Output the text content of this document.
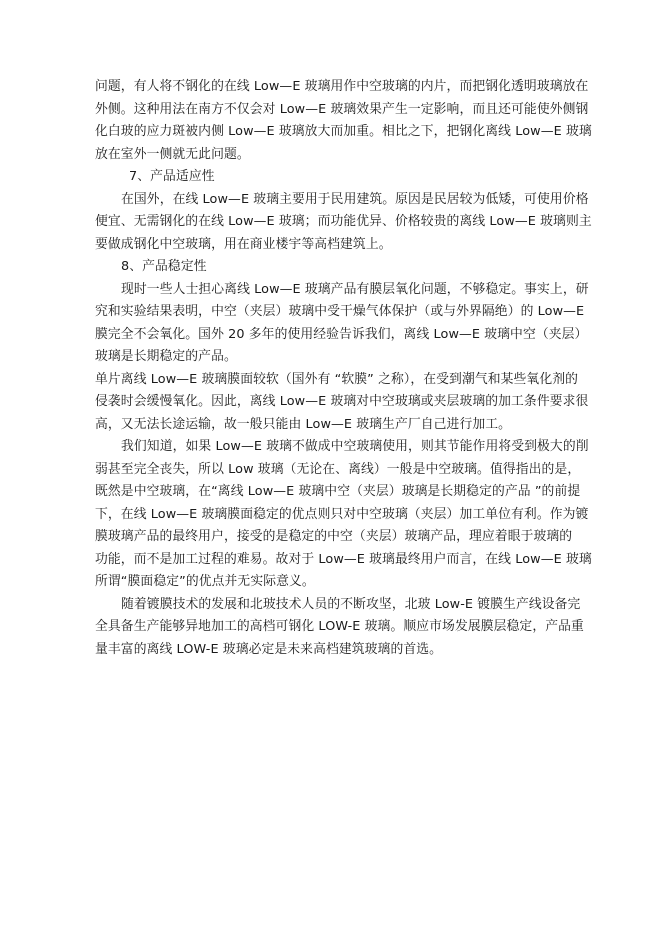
问题，有人将不钢化的在线 Low—E 玻璃用作中空玻璃的内片，而把钢化透明玻璃放在
外侧。这种用法在南方不仅会对 Low—E 玻璃效果产生一定影响，而且还可能使外侧钢
化白玻的应力斑被内侧 Low—E 玻璃放大而加重。相比之下，把钢化离线 Low—E 玻璃
放在室外一侧就无此问题。
7、产品适应性
在国外，在线 Low—E 玻璃主要用于民用建筑。原因是民居较为低矮，可使用价格
便宜、无需钢化的在线 Low—E 玻璃；而功能优异、价格较贵的离线 Low—E 玻璃则主
要做成钢化中空玻璃，用在商业楼宇等高档建筑上。
8、产品稳定性
现时一些人士担心离线 Low—E 玻璃产品有膜层氧化问题，不够稳定。事实上，研
究和实验结果表明，中空（夹层）玻璃中受干燥气体保护（或与外界隔绝）的 Low—E
膜完全不会氧化。国外 20 多年的使用经验告诉我们，离线 Low—E 玻璃中空（夹层）
玻璃是长期稳定的产品。
单片离线 Low—E 玻璃膜面较软（国外有 “软膜” 之称），在受到潮气和某些氧化剂的
侵袭时会缓慢氧化。因此，离线 Low—E 玻璃对中空玻璃或夹层玻璃的加工条件要求很
高，又无法长途运输，故一般只能由 Low—E 玻璃生产厂自己进行加工。
我们知道，如果 Low—E 玻璃不做成中空玻璃使用，则其节能作用将受到极大的削
弱甚至完全丧失，所以 Low 玻璃（无论在、离线）一般是中空玻璃。值得指出的是，
既然是中空玻璃，在“离线 Low—E 玻璃中空（夹层）玻璃是长期稳定的产品 ”的前提
下，在线 Low—E 玻璃膜面稳定的优点则只对中空玻璃（夹层）加工单位有利。作为镀
膜玻璃产品的最终用户，接受的是稳定的中空（夹层）玻璃产品，理应着眼于玻璃的
功能，而不是加工过程的难易。故对于 Low—E 玻璃最终用户而言，在线 Low—E 玻璃
所谓“膜面稳定”的优点并无实际意义。
随着镀膜技术的发展和北玻技术人员的不断攻坚，北玻 Low-E 镀膜生产线设备完
全具备生产能够异地加工的高档可钢化 LOW-E 玻璃。顺应市场发展膜层稳定，产品重
量丰富的离线 LOW-E 玻璃必定是未来高档建筑玻璃的首选。
